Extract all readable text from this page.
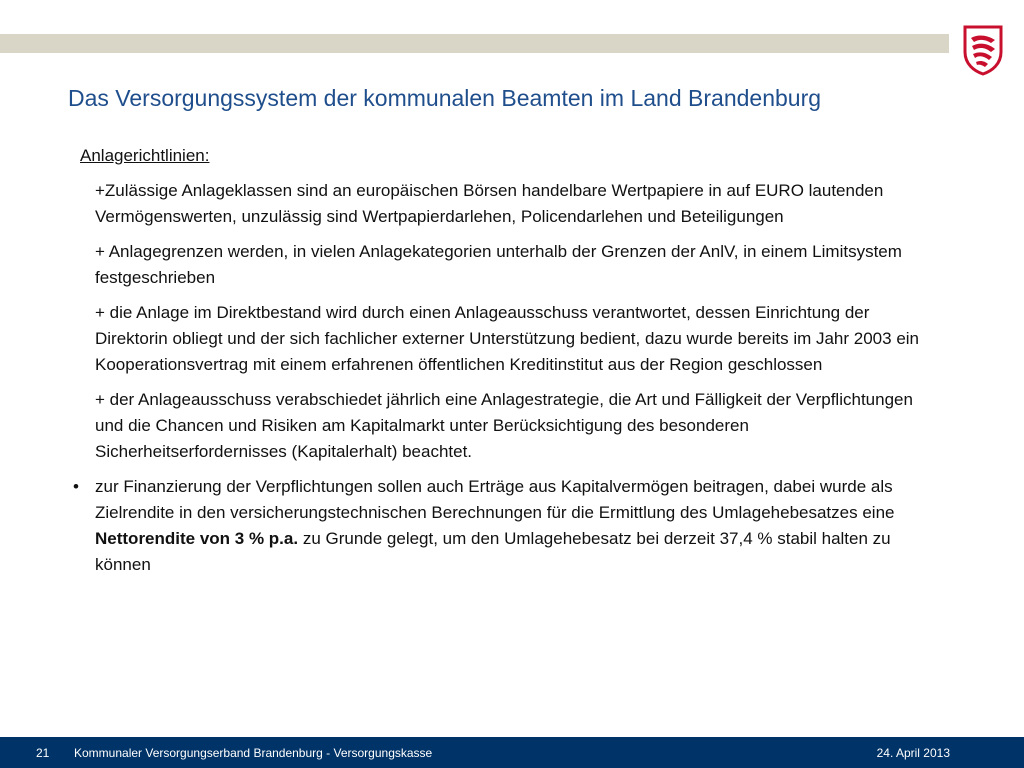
Das Versorgungssystem der kommunalen Beamten im Land Brandenburg
Anlagerichtlinien:
+Zulässige Anlageklassen sind an europäischen Börsen handelbare Wertpapiere in auf EURO lautenden Vermögenswerten, unzulässig sind Wertpapierdarlehen, Policendarlehen und Beteiligungen
+ Anlagegrenzen werden, in vielen Anlagekategorien unterhalb der Grenzen der AnlV, in einem Limitsystem festgeschrieben
+ die Anlage im Direktbestand wird durch einen Anlageausschuss verantwortet, dessen Einrichtung der Direktorin obliegt und der sich fachlicher externer Unterstützung bedient, dazu wurde bereits im Jahr 2003 ein Kooperationsvertrag mit einem erfahrenen öffentlichen Kreditinstitut aus der Region geschlossen
+ der Anlageausschuss verabschiedet jährlich eine Anlagestrategie, die Art und Fälligkeit der Verpflichtungen und die Chancen und Risiken am Kapitalmarkt unter Berücksichtigung des besonderen Sicherheitserfordernisses (Kapitalerhalt) beachtet.
• zur Finanzierung der Verpflichtungen sollen auch Erträge aus Kapitalvermögen beitragen, dabei wurde als Zielrendite in den versicherungstechnischen Berechnungen für die Ermittlung des Umlagehebesatzes eine Nettorendite von 3 % p.a. zu Grunde gelegt, um den Umlagehebesatz bei derzeit 37,4 % stabil halten zu können
21 Kommunaler Versorgungserband Brandenburg - Versorgungskasse	24. April 2013
